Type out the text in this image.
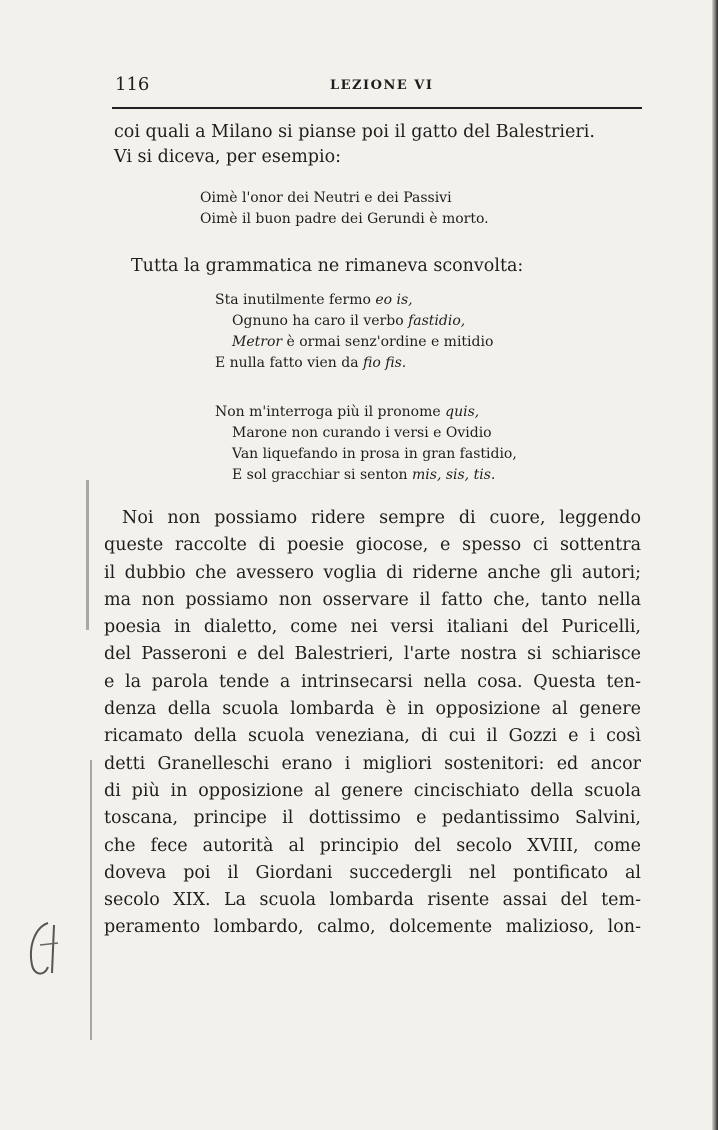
116	LEZIONE VI

coi quali a Milano si pianse poi il gatto del Balestrieri.
Vi si diceva, per esempio:

Oimè l'onor dei Neutri e dei Passivi
Oimè il buon padre dei Gerundi è morto.

Tutta la grammatica ne rimaneva sconvolta:

Sta inutilmente fermo eo is,
Ognuno ha caro il verbo fastidio,
Metror è ormai senz'ordine e mitidio
E nulla fatto vien da fio fis.

Non m'interroga più il pronome quis,
Marone non curando i versi e Ovidio
Van liquefando in prosa in gran fastidio,
E sol gracchiar si senton mis, sis, tis.

Noi non possiamo ridere sempre di cuore, leggendo
queste raccolte di poesie giocose, e spesso ci sottentra
il dubbio che avessero voglia di riderne anche gli autori;
ma non possiamo non osservare il fatto che, tanto nella
poesia in dialetto, come nei versi italiani del Puricelli,
del Passeroni e del Balestrieri, l'arte nostra si schiarisce
e la parola tende a intrinsecarsi nella cosa. Questa ten-
denza della scuola lombarda è in opposizione al genere
ricamato della scuola veneziana, di cui il Gozzi e i così
detti Granelleschi erano i migliori sostenitori: ed ancor
di più in opposizione al genere cincischiato della scuola
toscana, principe il dottissimo e pedantissimo Salvini,
che fece autorità al principio del secolo XVIII, come
doveva poi il Giordani succedergli nel pontificato al
secolo XIX. La scuola lombarda risente assai del tem-
peramento lombardo, calmo, dolcemente malizioso, lon-
